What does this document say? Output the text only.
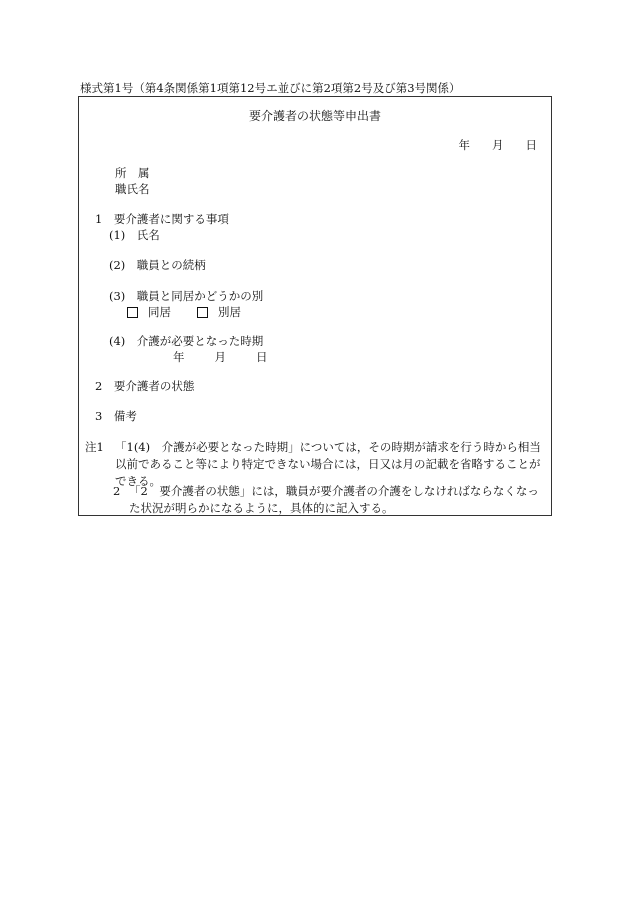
様式第1号（第4条関係第1項第12号エ並びに第2項第2号及び第3号関係）
要介護者の状態等申出書
年 月 日
所　属
職氏名
1　要介護者に関する事項
(1)　氏名
(2)　職員との続柄
(3)　職員と同居かどうかの別
同居	別居
(4)　介護が必要となった時期
年	月	日
2　要介護者の状態
3　備考
注1 「1(4)　介護が必要となった時期」については，その時期が請求を行う時から相当以前であること等により特定できない場合には，日又は月の記載を省略することができる。
2 「2　要介護者の状態」には，職員が要介護者の介護をしなければならなくなった状況が明らかになるように，具体的に記入する。
